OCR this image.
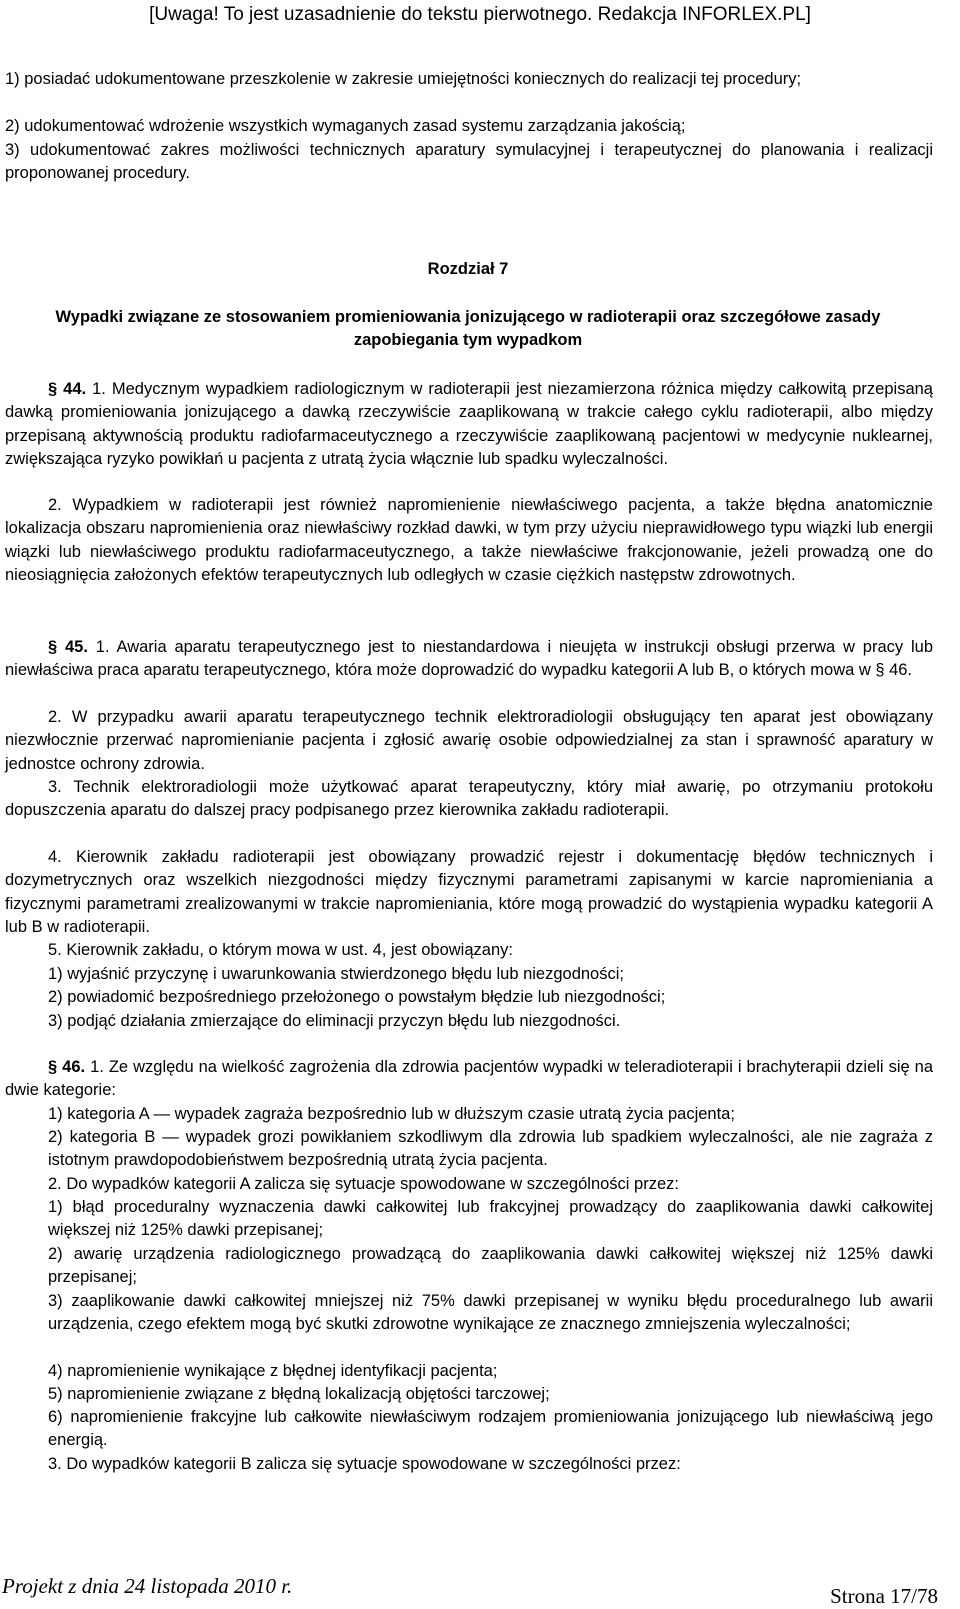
[Uwaga! To jest uzasadnienie do tekstu pierwotnego. Redakcja INFORLEX.PL]
1) posiadać udokumentowane przeszkolenie w zakresie umiejętności koniecznych do realizacji tej procedury;
2) udokumentować wdrożenie wszystkich wymaganych zasad systemu zarządzania jakością;
3) udokumentować zakres możliwości technicznych aparatury symulacyjnej i terapeutycznej do planowania i realizacji proponowanej procedury.
Rozdział 7
Wypadki związane ze stosowaniem promieniowania jonizującego w radioterapii oraz szczegółowe zasady zapobiegania tym wypadkom
§ 44. 1. Medycznym wypadkiem radiologicznym w radioterapii jest niezamierzona różnica między całkowitą przepisaną dawką promieniowania jonizującego a dawką rzeczywiście zaaplikowaną w trakcie całego cyklu radioterapii, albo między przepisaną aktywnością produktu radiofarmaceutycznego a rzeczywiście zaaplikowaną pacjentowi w medycynie nuklearnej, zwiększająca ryzyko powikłań u pacjenta z utratą życia włącznie lub spadku wyleczalności.
2. Wypadkiem w radioterapii jest również napromienienie niewłaściwego pacjenta, a także błędna anatomicznie lokalizacja obszaru napromienienia oraz niewłaściwy rozkład dawki, w tym przy użyciu nieprawidłowego typu wiązki lub energii wiązki lub niewłaściwego produktu radiofarmaceutycznego, a także niewłaściwe frakcjonowanie, jeżeli prowadzą one do nieosiągnięcia założonych efektów terapeutycznych lub odległych w czasie ciężkich następstw zdrowotnych.
§ 45. 1. Awaria aparatu terapeutycznego jest to niestandardowa i nieujęta w instrukcji obsługi przerwa w pracy lub niewłaściwa praca aparatu terapeutycznego, która może doprowadzić do wypadku kategorii A lub B, o których mowa w § 46.
2. W przypadku awarii aparatu terapeutycznego technik elektroradiologii obsługujący ten aparat jest obowiązany niezwłocznie przerwać napromienianie pacjenta i zgłosić awarię osobie odpowiedzialnej za stan i sprawność aparatury w jednostce ochrony zdrowia.
3. Technik elektroradiologii może użytkować aparat terapeutyczny, który miał awarię, po otrzymaniu protokołu dopuszczenia aparatu do dalszej pracy podpisanego przez kierownika zakładu radioterapii.
4. Kierownik zakładu radioterapii jest obowiązany prowadzić rejestr i dokumentację błędów technicznych i dozymetrycznych oraz wszelkich niezgodności między fizycznymi parametrami zapisanymi w karcie napromieniania a fizycznymi parametrami zrealizowanymi w trakcie napromieniania, które mogą prowadzić do wystąpienia wypadku kategorii A lub B w radioterapii.
5. Kierownik zakładu, o którym mowa w ust. 4, jest obowiązany:
1) wyjaśnić przyczynę i uwarunkowania stwierdzonego błędu lub niezgodności;
2) powiadomić bezpośredniego przełożonego o powstałym błędzie lub niezgodności;
3) podjąć działania zmierzające do eliminacji przyczyn błędu lub niezgodności.
§ 46. 1. Ze względu na wielkość zagrożenia dla zdrowia pacjentów wypadki w teleradioterapii i brachyterapii dzieli się na dwie kategorie:
1) kategoria A — wypadek zagraża bezpośrednio lub w dłuższym czasie utratą życia pacjenta;
2) kategoria B — wypadek grozi powikłaniem szkodliwym dla zdrowia lub spadkiem wyleczalności, ale nie zagraża z istotnym prawdopodobieństwem bezpośrednią utratą życia pacjenta.
2. Do wypadków kategorii A zalicza się sytuacje spowodowane w szczególności przez:
1) błąd proceduralny wyznaczenia dawki całkowitej lub frakcyjnej prowadzący do zaaplikowania dawki całkowitej większej niż 125% dawki przepisanej;
2) awarię urządzenia radiologicznego prowadzącą do zaaplikowania dawki całkowitej większej niż 125% dawki przepisanej;
3) zaaplikowanie dawki całkowitej mniejszej niż 75% dawki przepisanej w wyniku błędu proceduralnego lub awarii urządzenia, czego efektem mogą być skutki zdrowotne wynikające ze znacznego zmniejszenia wyleczalności;
4) napromienienie wynikające z błędnej identyfikacji pacjenta;
5) napromienienie związane z błędną lokalizacją objętości tarczowej;
6) napromienienie frakcyjne lub całkowite niewłaściwym rodzajem promieniowania jonizującego lub niewłaściwą jego energią.
3. Do wypadków kategorii B zalicza się sytuacje spowodowane w szczególności przez:
Projekt z dnia 24 listopada 2010 r.	Strona 17/78
